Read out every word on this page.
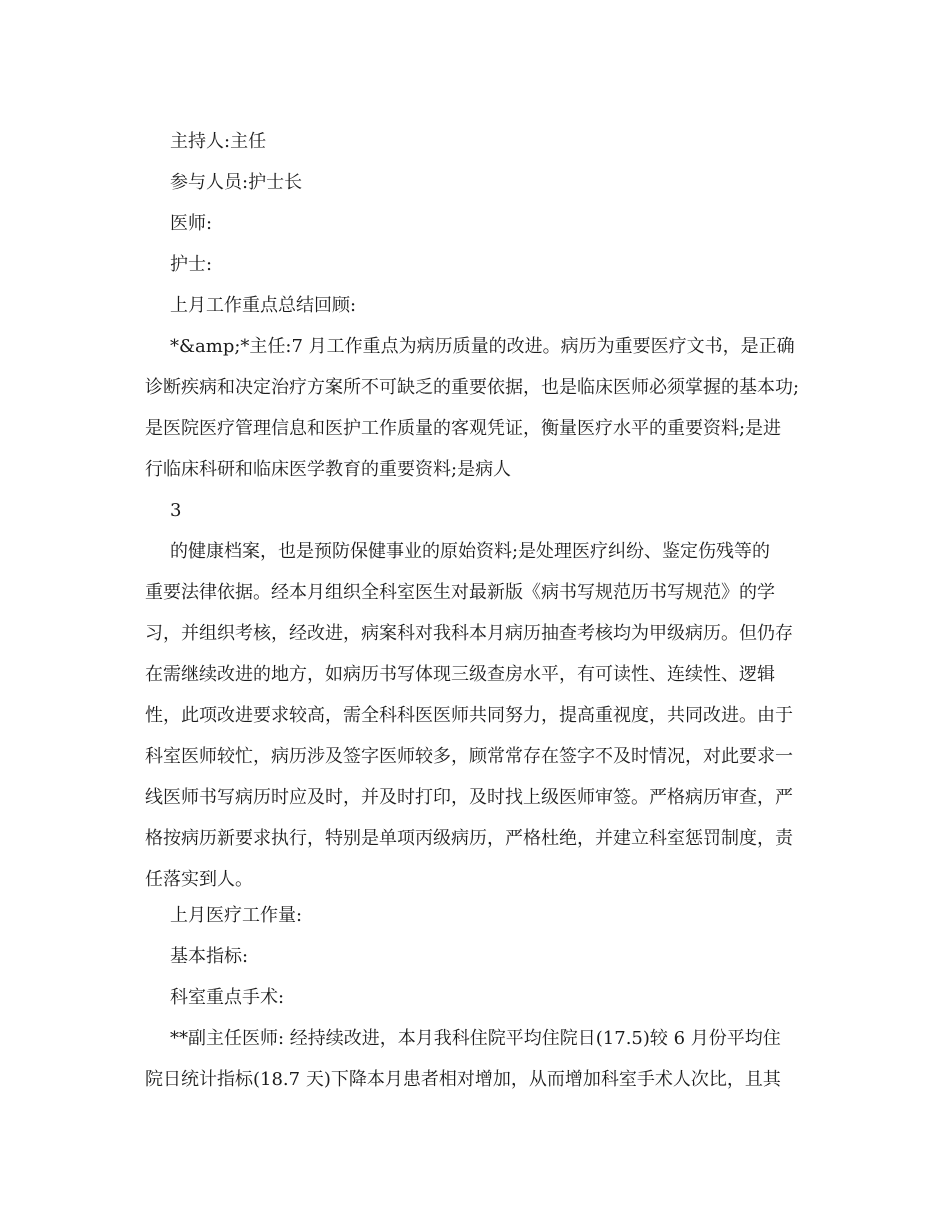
主持人:主任
参与人员:护士长
医师:
护士:
上月工作重点总结回顾:
*&amp;*主任:7 月工作重点为病历质量的改进。病历为重要医疗文书，是正确
诊断疾病和决定治疗方案所不可缺乏的重要依据，也是临床医师必须掌握的基本功;
是医院医疗管理信息和医护工作质量的客观凭证，衡量医疗水平的重要资料;是进
行临床科研和临床医学教育的重要资料;是病人
3
的健康档案，也是预防保健事业的原始资料;是处理医疗纠纷、鉴定伤残等的
重要法律依据。经本月组织全科室医生对最新版《病书写规范历书写规范》的学
习，并组织考核，经改进，病案科对我科本月病历抽查考核均为甲级病历。但仍存
在需继续改进的地方，如病历书写体现三级查房水平，有可读性、连续性、逻辑
性，此项改进要求较高，需全科科医医师共同努力，提高重视度，共同改进。由于
科室医师较忙，病历涉及签字医师较多，顾常常存在签字不及时情况，对此要求一
线医师书写病历时应及时，并及时打印，及时找上级医师审签。严格病历审查，严
格按病历新要求执行，特别是单项丙级病历，严格杜绝，并建立科室惩罚制度，责
任落实到人。
上月医疗工作量:
基本指标:
科室重点手术:
**副主任医师: 经持续改进，本月我科住院平均住院日(17.5)较 6 月份平均住
院日统计指标(18.7 天)下降本月患者相对增加，从而增加科室手术人次比，且其
